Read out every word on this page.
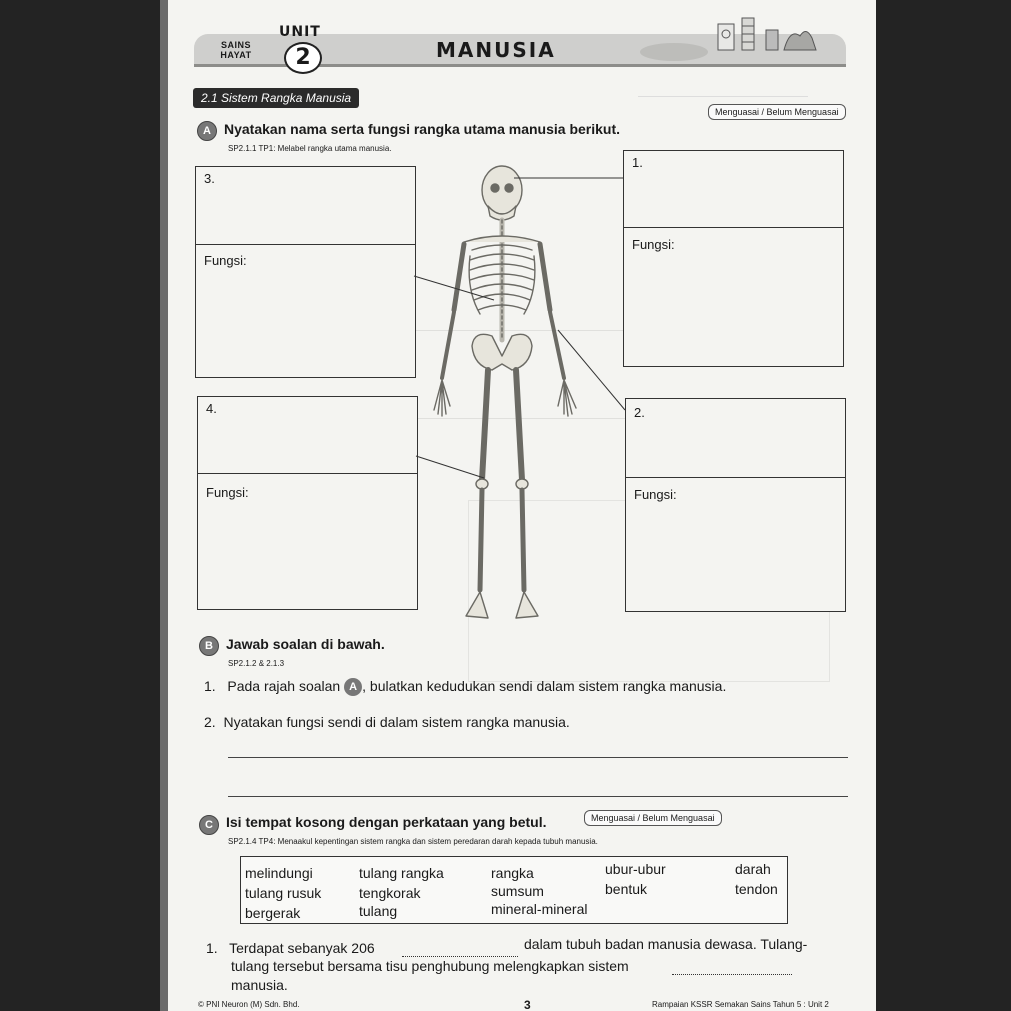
SAINS
HAYAT
UNIT
2	MANUSIA
2.1 Sistem Rangka Manusia
Menguasai / Belum Menguasai
A Nyatakan nama serta fungsi rangka utama manusia berikut.
SP2.1.1 TP1: Melabel rangka utama manusia.
3.
Fungsi:
4.
Fungsi:
1.
Fungsi:
2.
Fungsi:
B Jawab soalan di bawah.
SP2.1.2 & 2.1.3
1. Pada rajah soalan A , bulatkan kedudukan sendi dalam sistem rangka manusia.
2. Nyatakan fungsi sendi di dalam sistem rangka manusia.
C Isi tempat kosong dengan perkataan yang betul.	Menguasai / Belum Menguasai
SP2.1.4 TP4: Menaakul kepentingan sistem rangka dan sistem peredaran darah kepada tubuh manusia.
melindungi	tulang rangka	rangka	ubur-ubur	darah
tulang rusuk	tengkorak	sumsum	bentuk	tendon
bergerak	tulang	mineral-mineral
1. Terdapat sebanyak 206	dalam tubuh badan manusia dewasa. Tulang-
tulang tersebut bersama tisu penghubung melengkapkan sistem
manusia.
© PNI Neuron (M) Sdn. Bhd.	3	Rampaian KSSR Semakan Sains Tahun 5 : Unit 2
